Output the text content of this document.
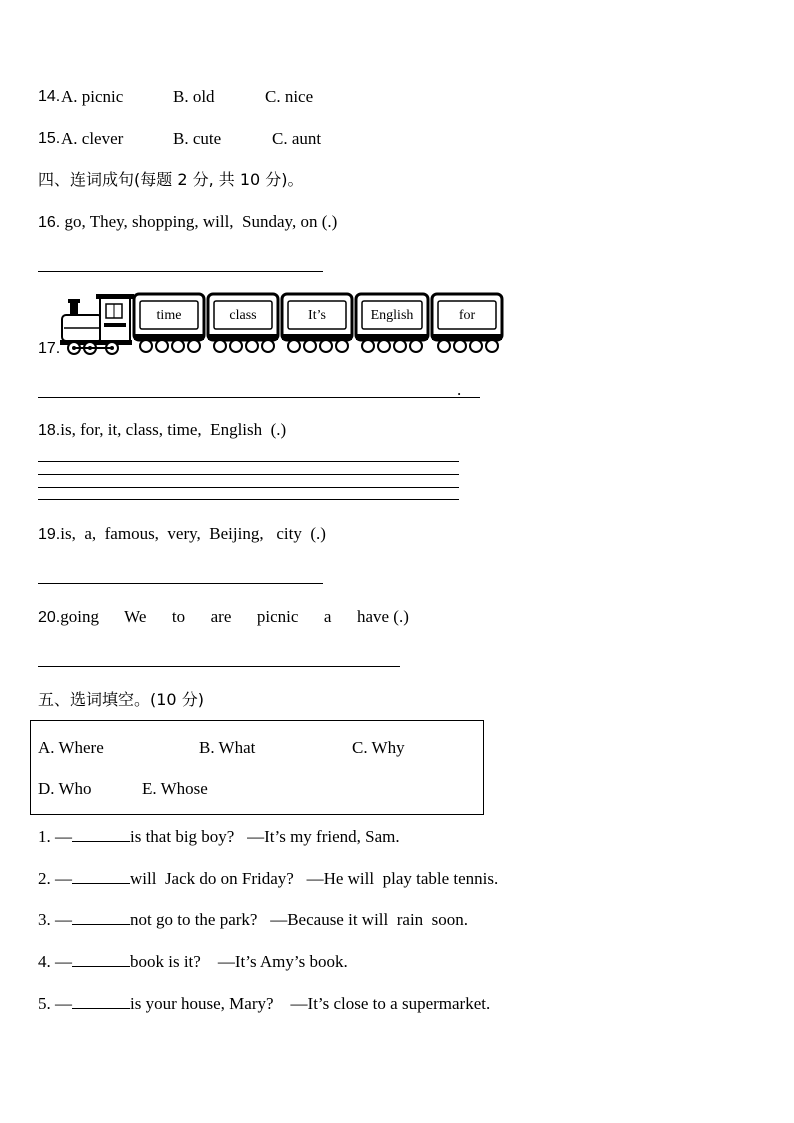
14. A. picnic	B. old	C. nice
15. A. clever	B. cute	C. aunt
四、连词成句(每题 2 分, 共 10 分)。
16. go, They, shopping, will,  Sunday, on (.)
17.
time	class	It’s	English	for
.
18.is, for, it, class, time,  English  (.)
19.is,  a,  famous,  very,  Beijing,   city  (.)
20.going      We      to      are      picnic      a      have (.)
五、选词填空。(10 分)
A. Where	B. What	C. Why
D. Who	E. Whose
1. —	is that big boy?   —It’s my friend, Sam.
2. —	will  Jack do on Friday?   —He will  play table tennis.
3. —	not go to the park?   —Because it will  rain  soon.
4. —	book is it?    —It’s Amy’s book.
5. —	is your house, Mary?    —It’s close to a supermarket.
